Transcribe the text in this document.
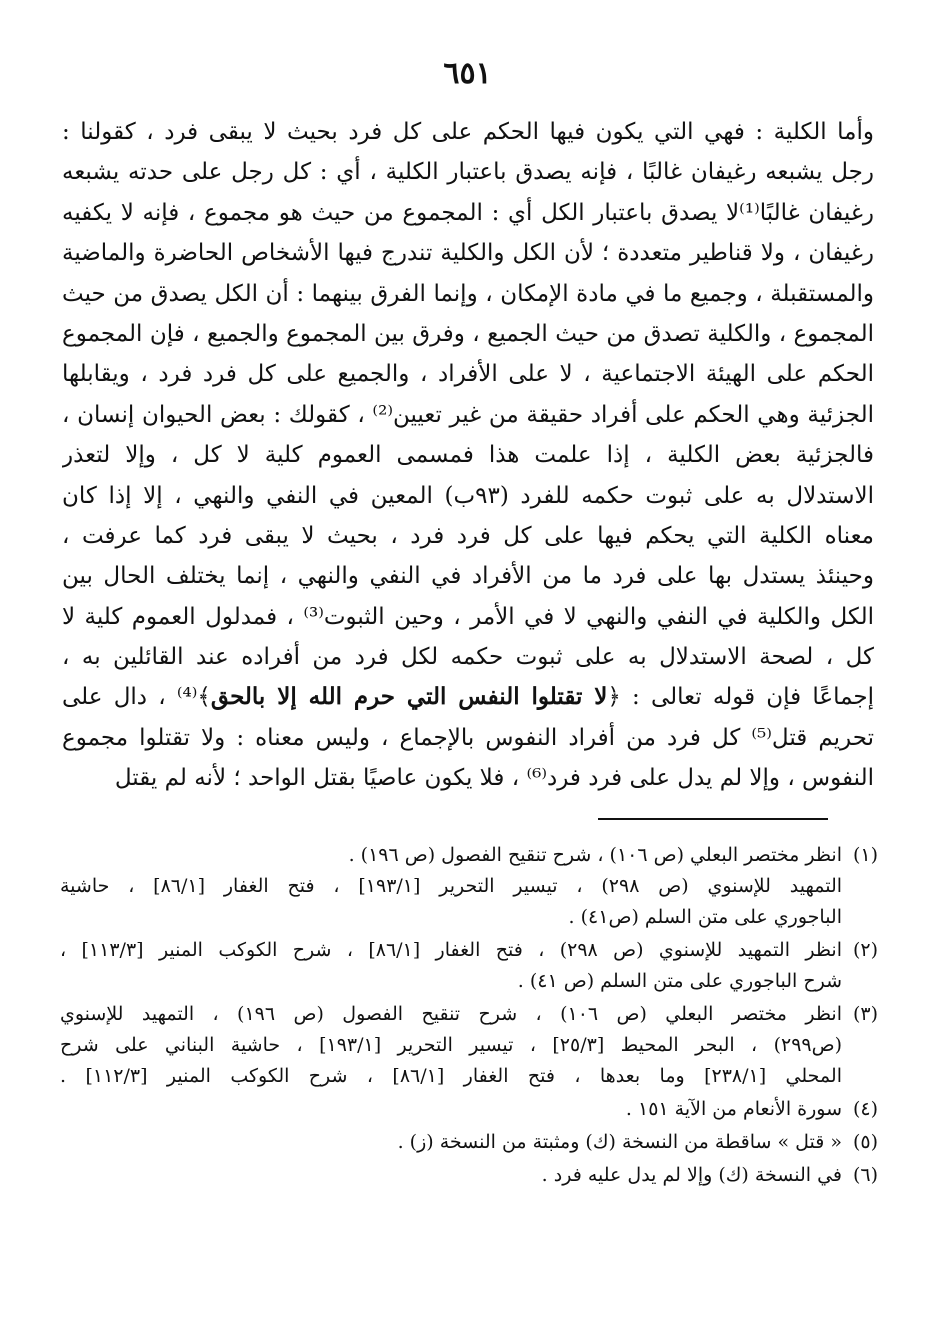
٦٥١
وأما الكلية : فهي التي يكون فيها الحكم على كل فرد بحيث لا يبقى فرد ، كقولنا :
رجل يشبعه رغيفان غالبًا ، فإنه يصدق باعتبار الكلية ، أي : كل رجل على حدته يشبعه
رغيفان غالبًا⁽¹⁾لا يصدق باعتبار الكل أي : المجموع من حيث هو مجموع ، فإنه لا يكفيه
رغيفان ، ولا قناطير متعددة ؛ لأن الكل والكلية تندرج فيها الأشخاص الحاضرة والماضية
والمستقبلة ، وجميع ما في مادة الإمكان ، وإنما الفرق بينهما : أن الكل يصدق من حيث
المجموع ، والكلية تصدق من حيث الجميع ، وفرق بين المجموع والجميع ، فإن المجموع
الحكم على الهيئة الاجتماعية ، لا على الأفراد ، والجميع على كل فرد فرد ، ويقابلها
الجزئية وهي الحكم على أفراد حقيقة من غير تعيين⁽²⁾ ، كقولك : بعض الحيوان إنسان ،
فالجزئية بعض الكلية ، إذا علمت هذا فمسمى العموم كلية لا كل ، وإلا لتعذر
الاستدلال به على ثبوت حكمه للفرد (٩٣ب) المعين في النفي والنهي ، إلا إذا كان
معناه الكلية التي يحكم فيها على كل فرد فرد ، بحيث لا يبقى فرد كما عرفت ،
وحينئذ يستدل بها على فرد ما من الأفراد في النفي والنهي ، إنما يختلف الحال بين
الكل والكلية في النفي والنهي لا في الأمر ، وحين الثبوت⁽³⁾ ، فمدلول العموم كلية لا
كل ، لصحة الاستدلال به على ثبوت حكمه لكل فرد من أفراده عند القائلين به ،
إجماعًا فإن قوله تعالى : ﴿لا تقتلوا النفس التي حرم الله إلا بالحق﴾⁽⁴⁾ ، دال على
تحريم قتل⁽⁵⁾ كل فرد من أفراد النفوس بالإجماع ، وليس معناه : ولا تقتلوا مجموع
النفوس ، وإلا لم يدل على فرد فرد⁽⁶⁾ ، فلا يكون عاصيًا بقتل الواحد ؛ لأنه لم يقتل
(١)
انظر مختصر البعلي (ص ١٠٦) ، شرح تنقيح الفصول (ص ١٩٦) .
التمهيد للإسنوي (ص ٢٩٨) ، تيسير التحرير [١٩٣/١] ، فتح الغفار [٨٦/١] ، حاشية
الباجوري على متن السلم (ص٤١) .
(٢)
انظر التمهيد للإسنوي (ص ٢٩٨) ، فتح الغفار [٨٦/١] ، شرح الكوكب المنير [١١٣/٣] ،
شرح الباجوري على متن السلم (ص ٤١) .
(٣)
انظر مختصر البعلي (ص ١٠٦) ، شرح تنقيح الفصول (ص ١٩٦) ، التمهيد للإسنوي
(ص٢٩٩) ، البحر المحيط [٢٥/٣] ، تيسير التحرير [١٩٣/١] ، حاشية البناني على شرح
المحلي [٢٣٨/١] وما بعدها ، فتح الغفار [٨٦/١] ، شرح الكوكب المنير [١١٢/٣] .
(٤)
سورة الأنعام من الآية ١٥١ .
(٥)
« قتل » ساقطة من النسخة (ك) ومثبتة من النسخة (ز) .
(٦)
في النسخة (ك) وإلا لم يدل عليه فرد .
